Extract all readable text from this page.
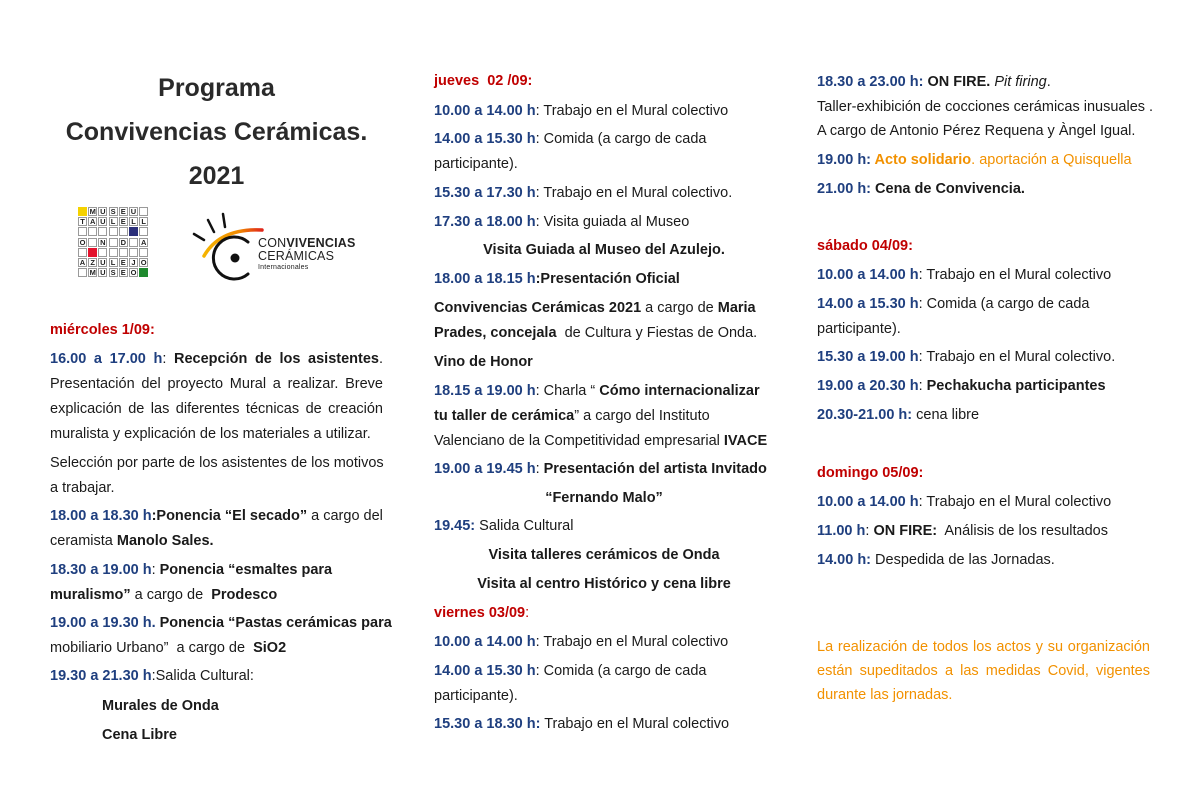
Programa
Convivencias Cerámicas.
2021
M U S E U
T A U L E L L
O N D A
A Z U L E J O
M U S E O
CONVIVENCIAS
CERÁMICAS
Internacionales
miércoles 1/09:
16.00 a 17.00 h: Recepción de los asistentes.
Presentación del proyecto Mural a realizar. Breve
explicación de las diferentes técnicas de creación
muralista y explicación de los materiales a utilizar.
Selección por parte de los asistentes de los motivos
a trabajar.
18.00 a 18.30 h:Ponencia “El secado” a cargo del
ceramista Manolo Sales.
18.30 a 19.00 h: Ponencia “esmaltes para
muralismo” a cargo de  Prodesco
19.00 a 19.30 h. Ponencia “Pastas cerámicas para
mobiliario Urbano”  a cargo de  SiO2
19.30 a 21.30 h:Salida Cultural:
Murales de Onda
Cena Libre
jueves  02 /09:
10.00 a 14.00 h: Trabajo en el Mural colectivo
14.00 a 15.30 h: Comida (a cargo de cada
participante).
15.30 a 17.30 h: Trabajo en el Mural colectivo.
17.30 a 18.00 h: Visita guiada al Museo
Visita Guiada al Museo del Azulejo.
18.00 a 18.15 h:Presentación Oficial
Convivencias Cerámicas 2021 a cargo de Maria
Prades, concejala  de Cultura y Fiestas de Onda.
Vino de Honor
18.15 a 19.00 h: Charla “ Cómo internacionalizar
tu taller de cerámica” a cargo del Instituto
Valenciano de la Competitividad empresarial IVACE
19.00 a 19.45 h: Presentación del artista Invitado
“Fernando Malo”
19.45: Salida Cultural
Visita talleres cerámicos de Onda
Visita al centro Histórico y cena libre
viernes 03/09:
10.00 a 14.00 h: Trabajo en el Mural colectivo
14.00 a 15.30 h: Comida (a cargo de cada
participante).
15.30 a 18.30 h: Trabajo en el Mural colectivo
18.30 a 23.00 h: ON FIRE. Pit firing.
Taller-exhibición de cocciones cerámicas inusuales .
A cargo de Antonio Pérez Requena y Àngel Igual.
19.00 h: Acto solidario. aportación a Quisquella
21.00 h: Cena de Convivencia.
sábado 04/09:
10.00 a 14.00 h: Trabajo en el Mural colectivo
14.00 a 15.30 h: Comida (a cargo de cada
participante).
15.30 a 19.00 h: Trabajo en el Mural colectivo.
19.00 a 20.30 h: Pechakucha participantes
20.30-21.00 h: cena libre
domingo 05/09:
10.00 a 14.00 h: Trabajo en el Mural colectivo
11.00 h: ON FIRE:  Análisis de los resultados
14.00 h: Despedida de las Jornadas.
La realización de todos los actos y su organización
están supeditados a las medidas Covid, vigentes
durante las jornadas.
